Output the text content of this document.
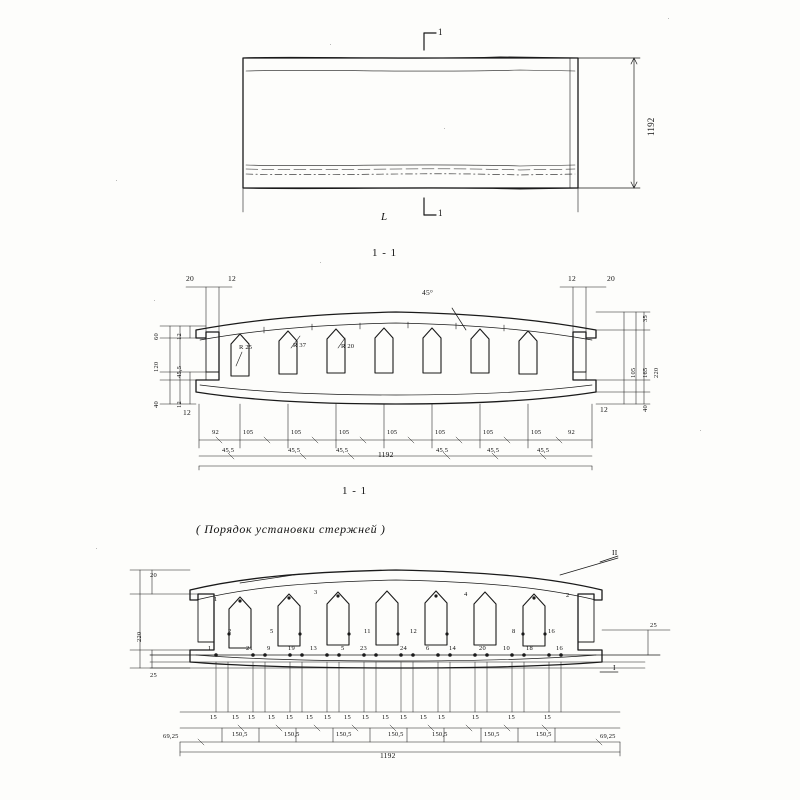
1
1
L
1192
1 - 1
1 - 1
20	12	12	20
60 12
120 45,5
40 12
12	12
35
105 165 220
40
45°
R 25	R 37	R 20
92	105	105	105	105	105	105	105	92
45,5	45,5	45,5	45,5	45,5	45,5
1192
( Порядок установки стержней )
II
I
20
220
25
25
1
3	4	2
2	5	11	12	8	16
1	21 9	19 13	5 23	24	6	14	20	10 18	16
15 15 15 15 15 15 15 15 15 15 15 15 15	15	15	15
150,5	150,5	150,5	150,5	150,5	150,5	150,5
69,25	69,25
1192
